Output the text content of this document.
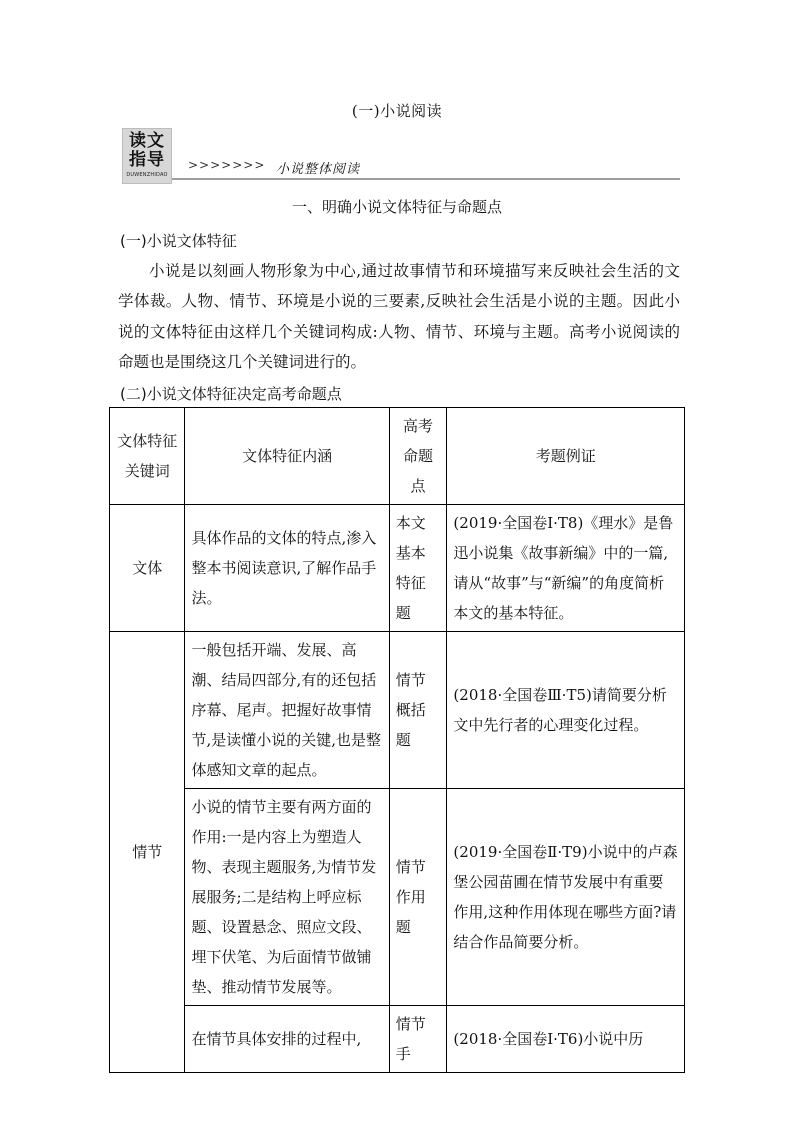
(一)小说阅读
读文
指导
DUWENZHIDAO
>>>>>>> 小说整体阅读
一、明确小说文体特征与命题点
(一)小说文体特征
小说是以刻画人物形象为中心,通过故事情节和环境描写来反映社会生活的文学体裁。人物、情节、环境是小说的三要素,反映社会生活是小说的主题。因此小说的文体特征由这样几个关键词构成:人物、情节、环境与主题。高考小说阅读的命题也是围绕这几个关键词进行的。
(二)小说文体特征决定高考命题点
文体特征关键词	文体特征内涵	高考命题点	考题例证
文体	具体作品的文体的特点,渗入整本书阅读意识,了解作品手法。	本文基本特征题	(2019·全国卷Ⅰ·T8)《理水》是鲁迅小说集《故事新编》中的一篇,请从“故事”与“新编”的角度简析本文的基本特征。
情节	一般包括开端、发展、高潮、结局四部分,有的还包括序幕、尾声。把握好故事情节,是读懂小说的关键,也是整体感知文章的起点。	情节概括题	(2018·全国卷Ⅲ·T5)请简要分析文中先行者的心理变化过程。
	小说的情节主要有两方面的作用:一是内容上为塑造人物、表现主题服务,为情节发展服务;二是结构上呼应标题、设置悬念、照应文段、埋下伏笔、为后面情节做铺垫、推动情节发展等。	情节作用题	(2019·全国卷Ⅱ·T9)小说中的卢森堡公园苗圃在情节发展中有重要作用,这种作用体现在哪些方面?请结合作品简要分析。
	在情节具体安排的过程中,	情节手	(2018·全国卷Ⅰ·T6)小说中历
